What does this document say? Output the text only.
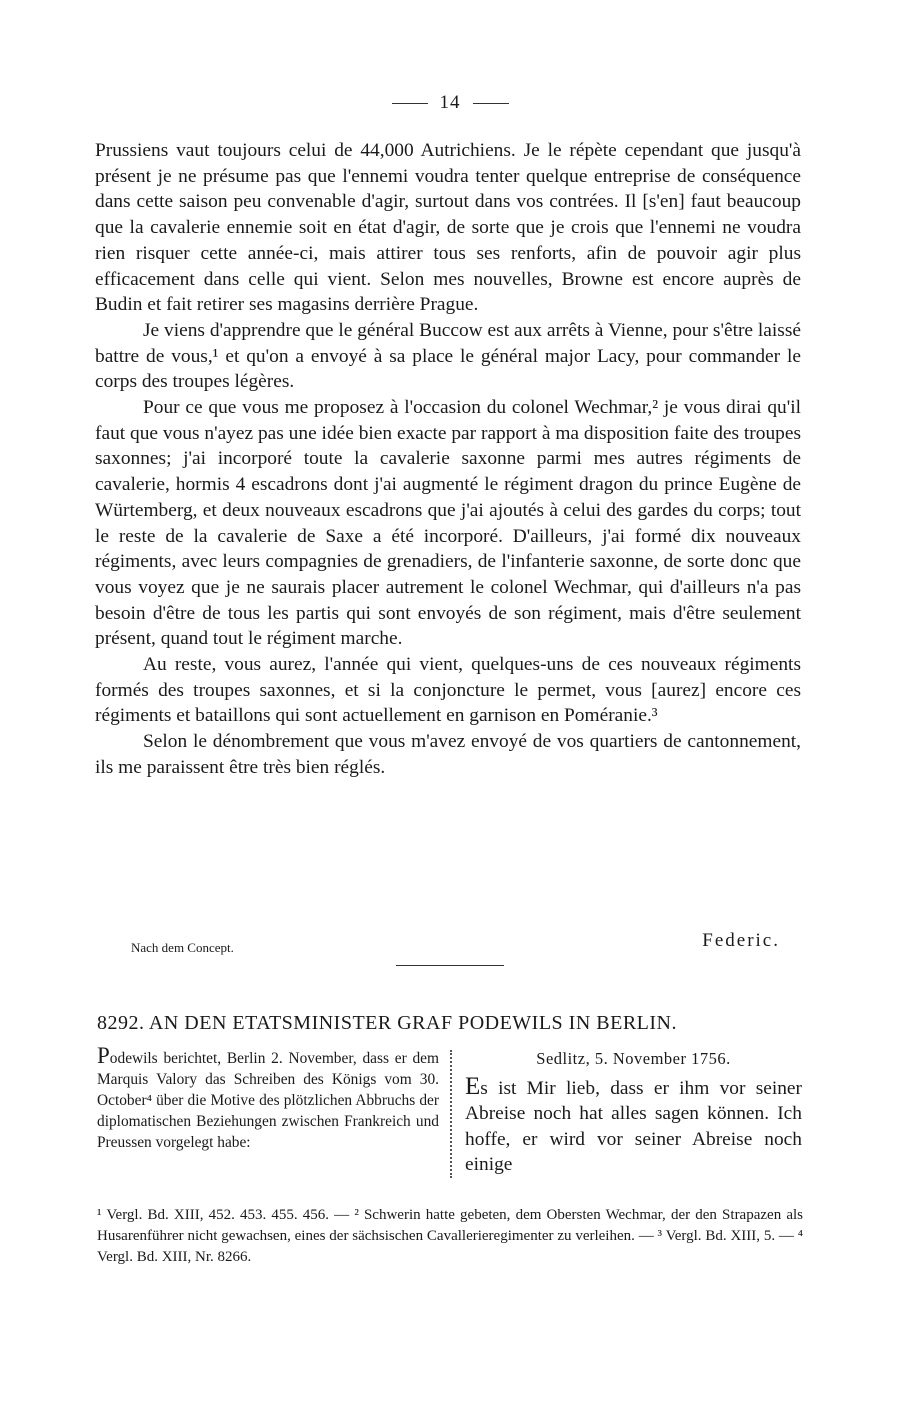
14

Prussiens vaut toujours celui de 44,000 Autrichiens. Je le répète cependant que jusqu'à présent je ne présume pas que l'ennemi voudra tenter quelque entreprise de conséquence dans cette saison peu convenable d'agir, surtout dans vos contrées. Il [s'en] faut beaucoup que la cavalerie ennemie soit en état d'agir, de sorte que je crois que l'ennemi ne voudra rien risquer cette année-ci, mais attirer tous ses renforts, afin de pouvoir agir plus efficacement dans celle qui vient. Selon mes nouvelles, Browne est encore auprès de Budin et fait retirer ses magasins derrière Prague.

Je viens d'apprendre que le général Buccow est aux arrêts à Vienne, pour s'être laissé battre de vous,¹ et qu'on a envoyé à sa place le général major Lacy, pour commander le corps des troupes légères.

Pour ce que vous me proposez à l'occasion du colonel Wechmar,² je vous dirai qu'il faut que vous n'ayez pas une idée bien exacte par rapport à ma disposition faite des troupes saxonnes; j'ai incorporé toute la cavalerie saxonne parmi mes autres régiments de cavalerie, hormis 4 escadrons dont j'ai augmenté le régiment dragon du prince Eugène de Würtemberg, et deux nouveaux escadrons que j'ai ajoutés à celui des gardes du corps; tout le reste de la cavalerie de Saxe a été incorporé. D'ailleurs, j'ai formé dix nouveaux régiments, avec leurs compagnies de grenadiers, de l'infanterie saxonne, de sorte donc que vous voyez que je ne saurais placer autrement le colonel Wechmar, qui d'ailleurs n'a pas besoin d'être de tous les partis qui sont envoyés de son régiment, mais d'être seulement présent, quand tout le régiment marche.

Au reste, vous aurez, l'année qui vient, quelques-uns de ces nouveaux régiments formés des troupes saxonnes, et si la conjoncture le permet, vous [aurez] encore ces régiments et bataillons qui sont actuellement en garnison en Poméranie.³

Selon le dénombrement que vous m'avez envoyé de vos quartiers de cantonnement, ils me paraissent être très bien réglés.

Nach dem Concept.	Federic.
8292. AN DEN ETATSMINISTER GRAF PODEWILS IN BERLIN.
Podewils berichtet, Berlin 2. November, dass er dem Marquis Valory das Schreiben des Königs vom 30. October⁴ über die Motive des plötzlichen Abbruchs der diplomatischen Beziehungen zwischen Frankreich und Preussen vorgelegt habe:
Sedlitz, 5. November 1756.
Es ist Mir lieb, dass er ihm vor seiner Abreise noch hat alles sagen können. Ich hoffe, er wird vor seiner Abreise noch einige
¹ Vergl. Bd. XIII, 452. 453. 455. 456. — ² Schwerin hatte gebeten, dem Obersten Wechmar, der den Strapazen als Husarenführer nicht gewachsen, eines der sächsischen Cavallerieregimenter zu verleihen. — ³ Vergl. Bd. XIII, 5. — ⁴ Vergl. Bd. XIII, Nr. 8266.
